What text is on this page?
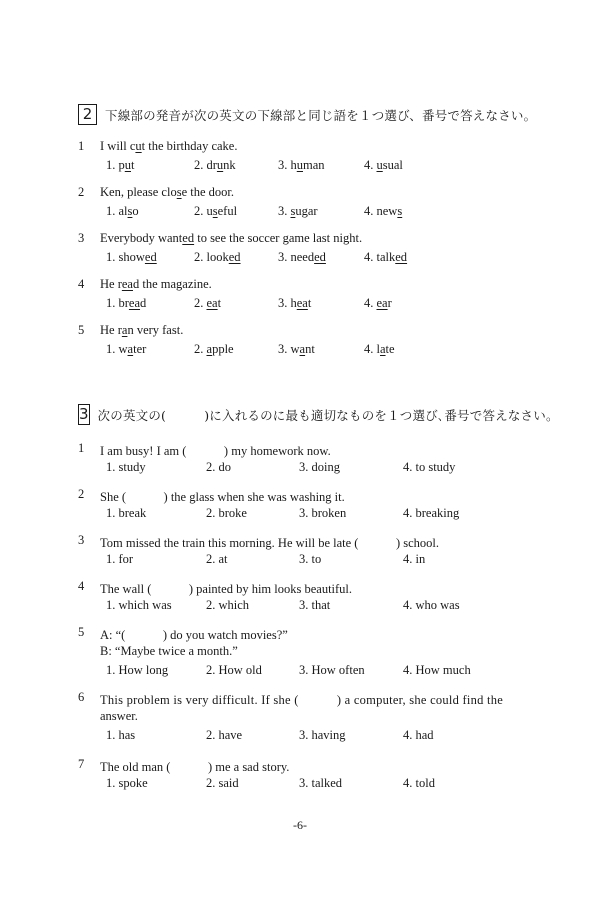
2	下線部の発音が次の英文の下線部と同じ語を１つ選び、番号で答えなさい。
1 I will cut the birthday cake.
1. put	2. drunk	3. human	4. usual
2 Ken, please close the door.
1. also	2. useful	3. sugar	4. news
3 Everybody wanted to see the soccer game last night.
1. showed	2. looked	3. needed	4. talked
4 He read the magazine.
1. bread	2. eat	3. heat	4. ear
5 He ran very fast.
1. water	2. apple	3. want	4. late
3 次の英文の(　　　)に入れるのに最も適切なものを１つ選び､番号で答えなさい。
1 I am busy! I am (　　　) my homework now.
1. study	2. do	3. doing	4. to study
2 She (　　　) the glass when she was washing it.
1. break	2. broke	3. broken	4. breaking
3 Tom missed the train this morning. He will be late (　　　) school.
1. for	2. at	3. to	4. in
4 The wall (　　　) painted by him looks beautiful.
1. which was	2. which	3. that	4. who was
5 A: “(　　　) do you watch movies?”
B: “Maybe twice a month.”
1. How long	2. How old	3. How often	4. How much
6 This problem is very difficult. If she (　　　) a computer, she could find the
answer.
1. has	2. have	3. having	4. had
7 The old man (　　　) me a sad story.
1. spoke	2. said	3. talked	4. told
-6-
